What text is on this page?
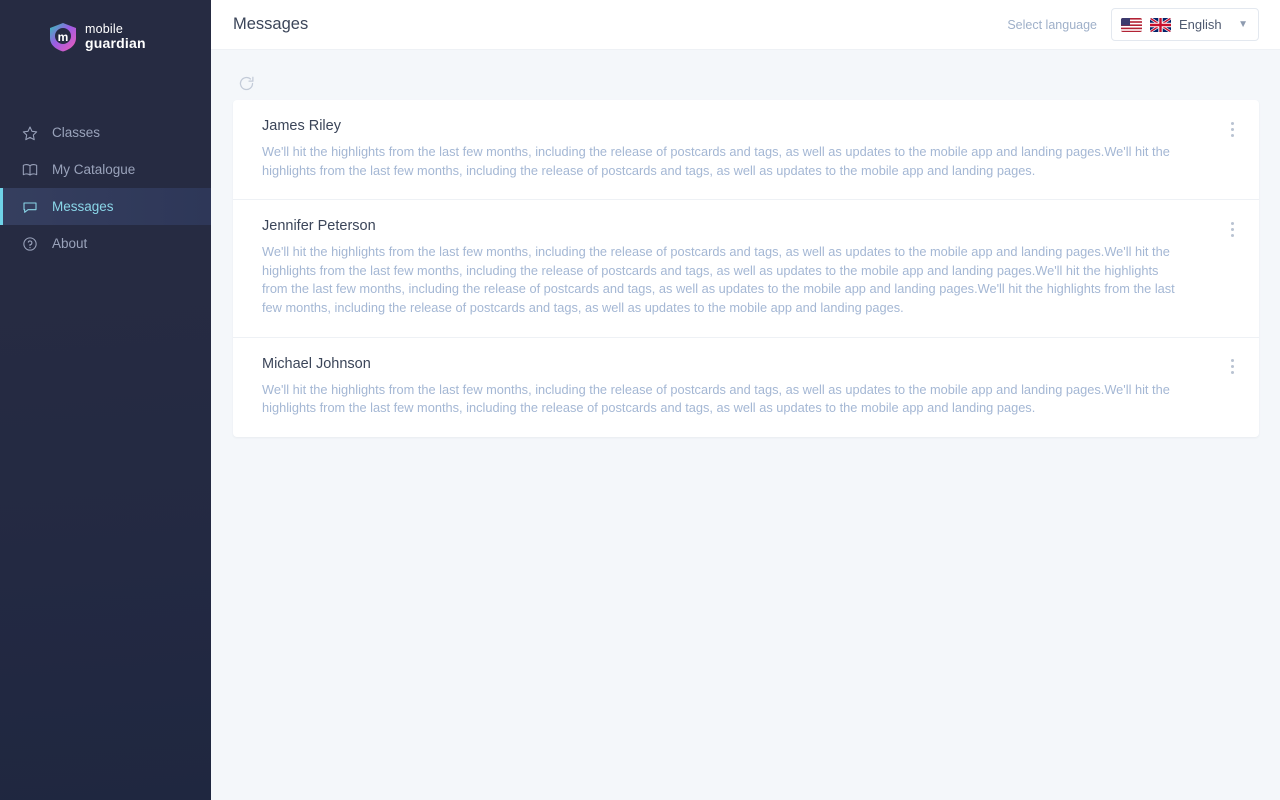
m
mobile
guardian
Classes
My Catalogue
Messages
About
Messages	Select language	English ▼
James Riley
We'll hit the highlights from the last few months, including the release of postcards and tags, as well as updates to the mobile app and landing pages.We'll hit the highlights from the last few months, including the release of postcards and tags, as well as updates to the mobile app and landing pages.
Jennifer Peterson
We'll hit the highlights from the last few months, including the release of postcards and tags, as well as updates to the mobile app and landing pages.We'll hit the highlights from the last few months, including the release of postcards and tags, as well as updates to the mobile app and landing pages.We'll hit the highlights from the last few months, including the release of postcards and tags, as well as updates to the mobile app and landing pages.We'll hit the highlights from the last few months, including the release of postcards and tags, as well as updates to the mobile app and landing pages.
Michael Johnson
We'll hit the highlights from the last few months, including the release of postcards and tags, as well as updates to the mobile app and landing pages.We'll hit the highlights from the last few months, including the release of postcards and tags, as well as updates to the mobile app and landing pages.
